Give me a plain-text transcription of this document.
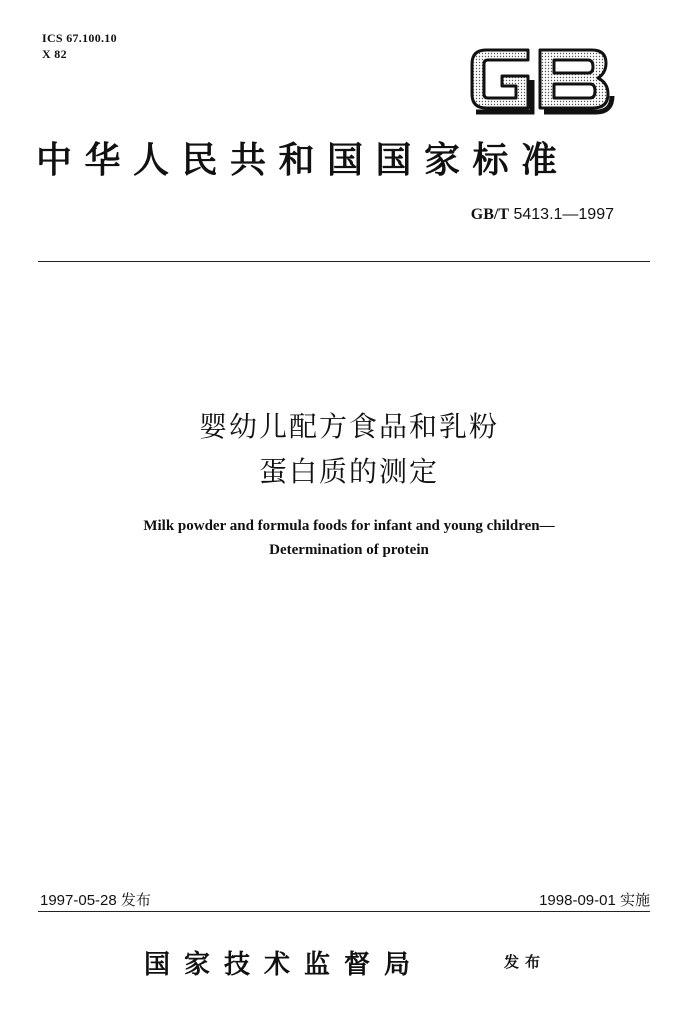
ICS 67.100.10
X 82
中华人民共和国国家标准
GB/T 5413.1—1997
婴幼儿配方食品和乳粉
蛋白质的测定
Milk powder and formula foods for infant and young children—
Determination of protein
1997-05-28 发布	1998-09-01 实施
国家技术监督局	发布
